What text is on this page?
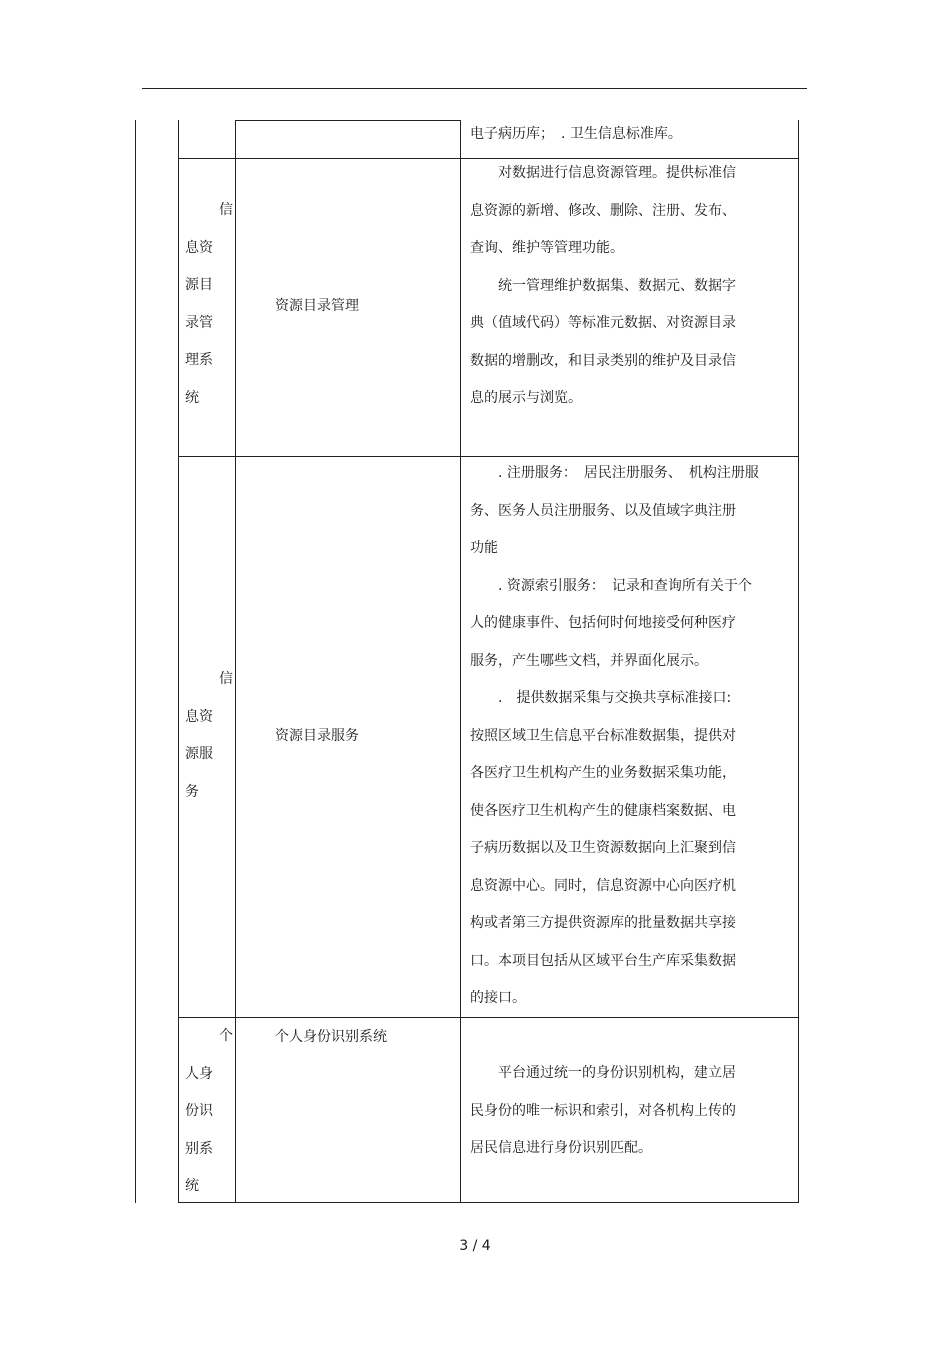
电子病历库；　. 卫生信息标准库。
信
息资
源目
录管
理系
统
资源目录管理
　　对数据进行信息资源管理。提供标准信
息资源的新增、修改、删除、注册、发布、
查询、维护等管理功能。
　　统一管理维护数据集、数据元、数据字
典（值域代码）等标准元数据、对资源目录
数据的增删改，和目录类别的维护及目录信
息的展示与浏览。
信
息资
源服
务
资源目录服务
　　. 注册服务：　居民注册服务、　机构注册服
务、医务人员注册服务、以及值域字典注册
功能
　　. 资源索引服务：　记录和查询所有关于个
人的健康事件、包括何时何地接受何种医疗
服务，产生哪些文档，并界面化展示。
　　.　提供数据采集与交换共享标准接口:
按照区域卫生信息平台标准数据集，提供对
各医疗卫生机构产生的业务数据采集功能，
使各医疗卫生机构产生的健康档案数据、电
子病历数据以及卫生资源数据向上汇聚到信
息资源中心。同时，信息资源中心向医疗机
构或者第三方提供资源库的批量数据共享接
口。本项目包括从区域平台生产库采集数据
的接口。
个
人身
份识
别系
统
个人身份识别系统
　　平台通过统一的身份识别机构，建立居
民身份的唯一标识和索引，对各机构上传的
居民信息进行身份识别匹配。
3 / 4
